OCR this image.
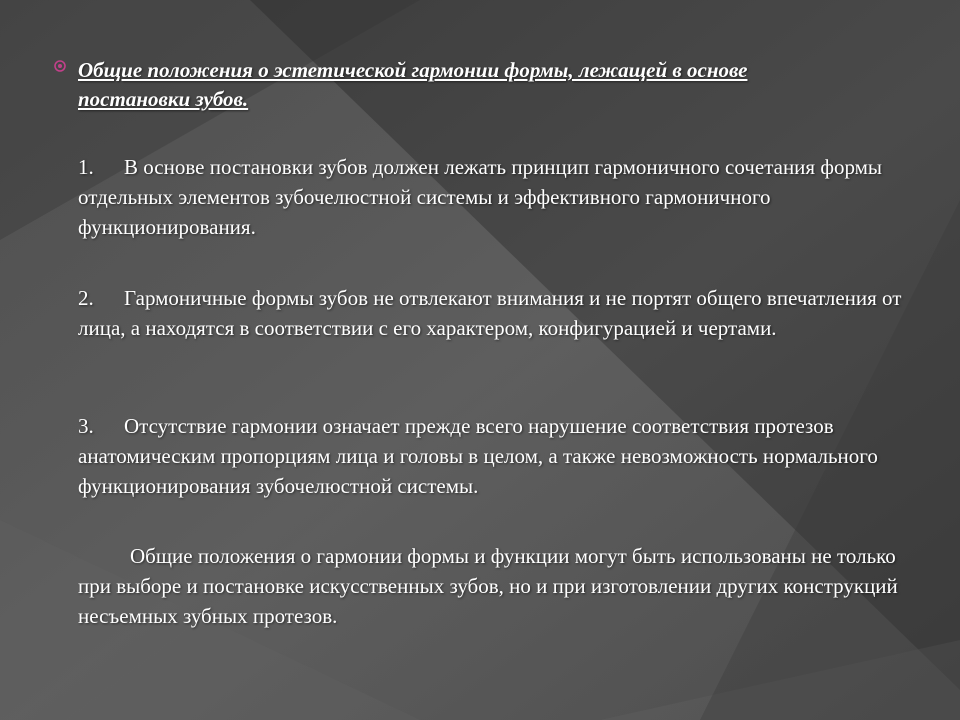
Общие положения о эстетической гармонии формы, лежащей в основе постановки зубов.

1. В основе постановки зубов должен лежать принцип гармоничного сочетания формы отдельных элементов зубочелюстной системы и эффективного гармоничного функционирования.

2. Гармоничные формы зубов не отвлекают внимания и не портят общего впечатления от лица, а находятся в соответствии с его характером, конфигурацией и чертами.

3. Отсутствие гармонии означает прежде всего нарушение соответствия протезов анатомическим пропорциям лица и головы в целом, а также невозможность нормального функционирования зубочелюстной системы.

Общие положения о гармонии формы и функции могут быть использованы не только при выборе и постановке искусственных зубов, но и при изготовлении других конструкций несъемных зубных протезов.
